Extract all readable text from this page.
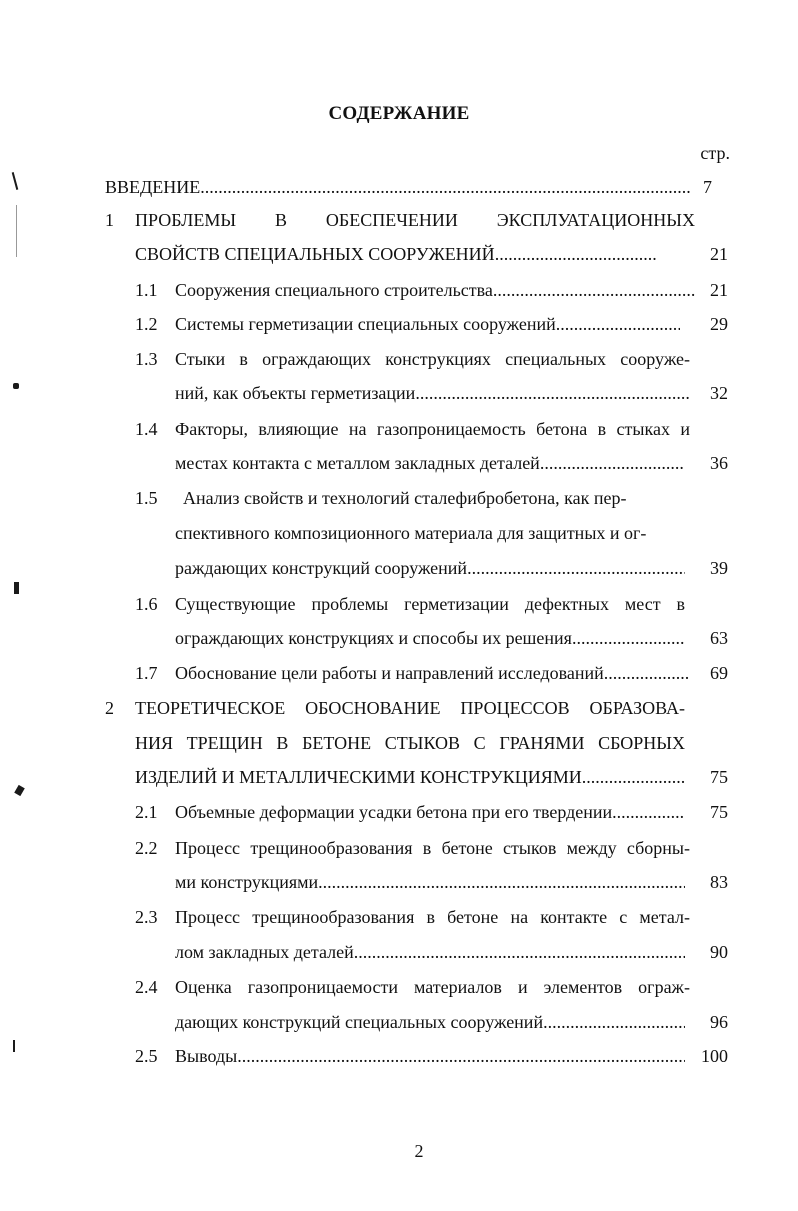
СОДЕРЖАНИЕ
стр.
ВВЕДЕНИЕ .....	7
1 ПРОБЛЕМЫ В ОБЕСПЕЧЕНИИ ЭКСПЛУАТАЦИОННЫХ
СВОЙСТВ СПЕЦИАЛЬНЫХ СООРУЖЕНИЙ .....	21
1.1 Сооружения специального строительства .....	21
1.2 Системы герметизации специальных сооружений .....	29
1.3 Стыки в ограждающих конструкциях специальных сооруже-
ний, как объекты герметизации .....	32
1.4 Факторы, влияющие на газопроницаемость бетона в стыках и
местах контакта с металлом закладных деталей .....	36
1.5 Анализ свойств и технологий сталефибробетона, как пер-
спективного композиционного материала для защитных и ог-
раждающих конструкций сооружений .....	39
1.6 Существующие проблемы герметизации дефектных мест в
ограждающих конструкциях и способы их решения .....	63
1.7 Обоснование цели работы и направлений исследований .....	69
2 ТЕОРЕТИЧЕСКОЕ ОБОСНОВАНИЕ ПРОЦЕССОВ ОБРАЗОВА-
НИЯ ТРЕЩИН В БЕТОНЕ СТЫКОВ С ГРАНЯМИ СБОРНЫХ
ИЗДЕЛИЙ И МЕТАЛЛИЧЕСКИМИ КОНСТРУКЦИЯМИ .....	75
2.1 Объемные деформации усадки бетона при его твердении .....	75
2.2 Процесс трещинообразования в бетоне стыков между сборны-
ми конструкциями .....	83
2.3 Процесс трещинообразования в бетоне на контакте с метал-
лом закладных деталей .....	90
2.4 Оценка газопроницаемости материалов и элементов ограж-
дающих конструкций специальных сооружений .....	96
2.5 Выводы .....	100
2
